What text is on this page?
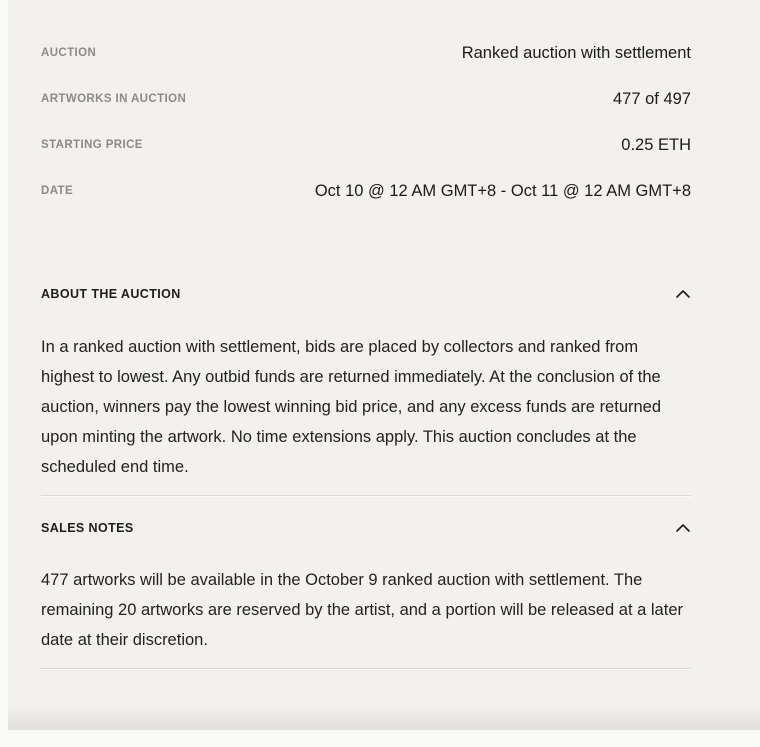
AUCTION	Ranked auction with settlement
ARTWORKS IN AUCTION	477 of 497
STARTING PRICE	0.25 ETH
DATE	Oct 10 @ 12 AM GMT+8 - Oct 11 @ 12 AM GMT+8
ABOUT THE AUCTION

In a ranked auction with settlement, bids are placed by collectors and ranked from highest to lowest. Any outbid funds are returned immediately. At the conclusion of the auction, winners pay the lowest winning bid price, and any excess funds are returned upon minting the artwork. No time extensions apply. This auction concludes at the scheduled end time.

SALES NOTES

477 artworks will be available in the October 9 ranked auction with settlement. The remaining 20 artworks are reserved by the artist, and a portion will be released at a later date at their discretion.
